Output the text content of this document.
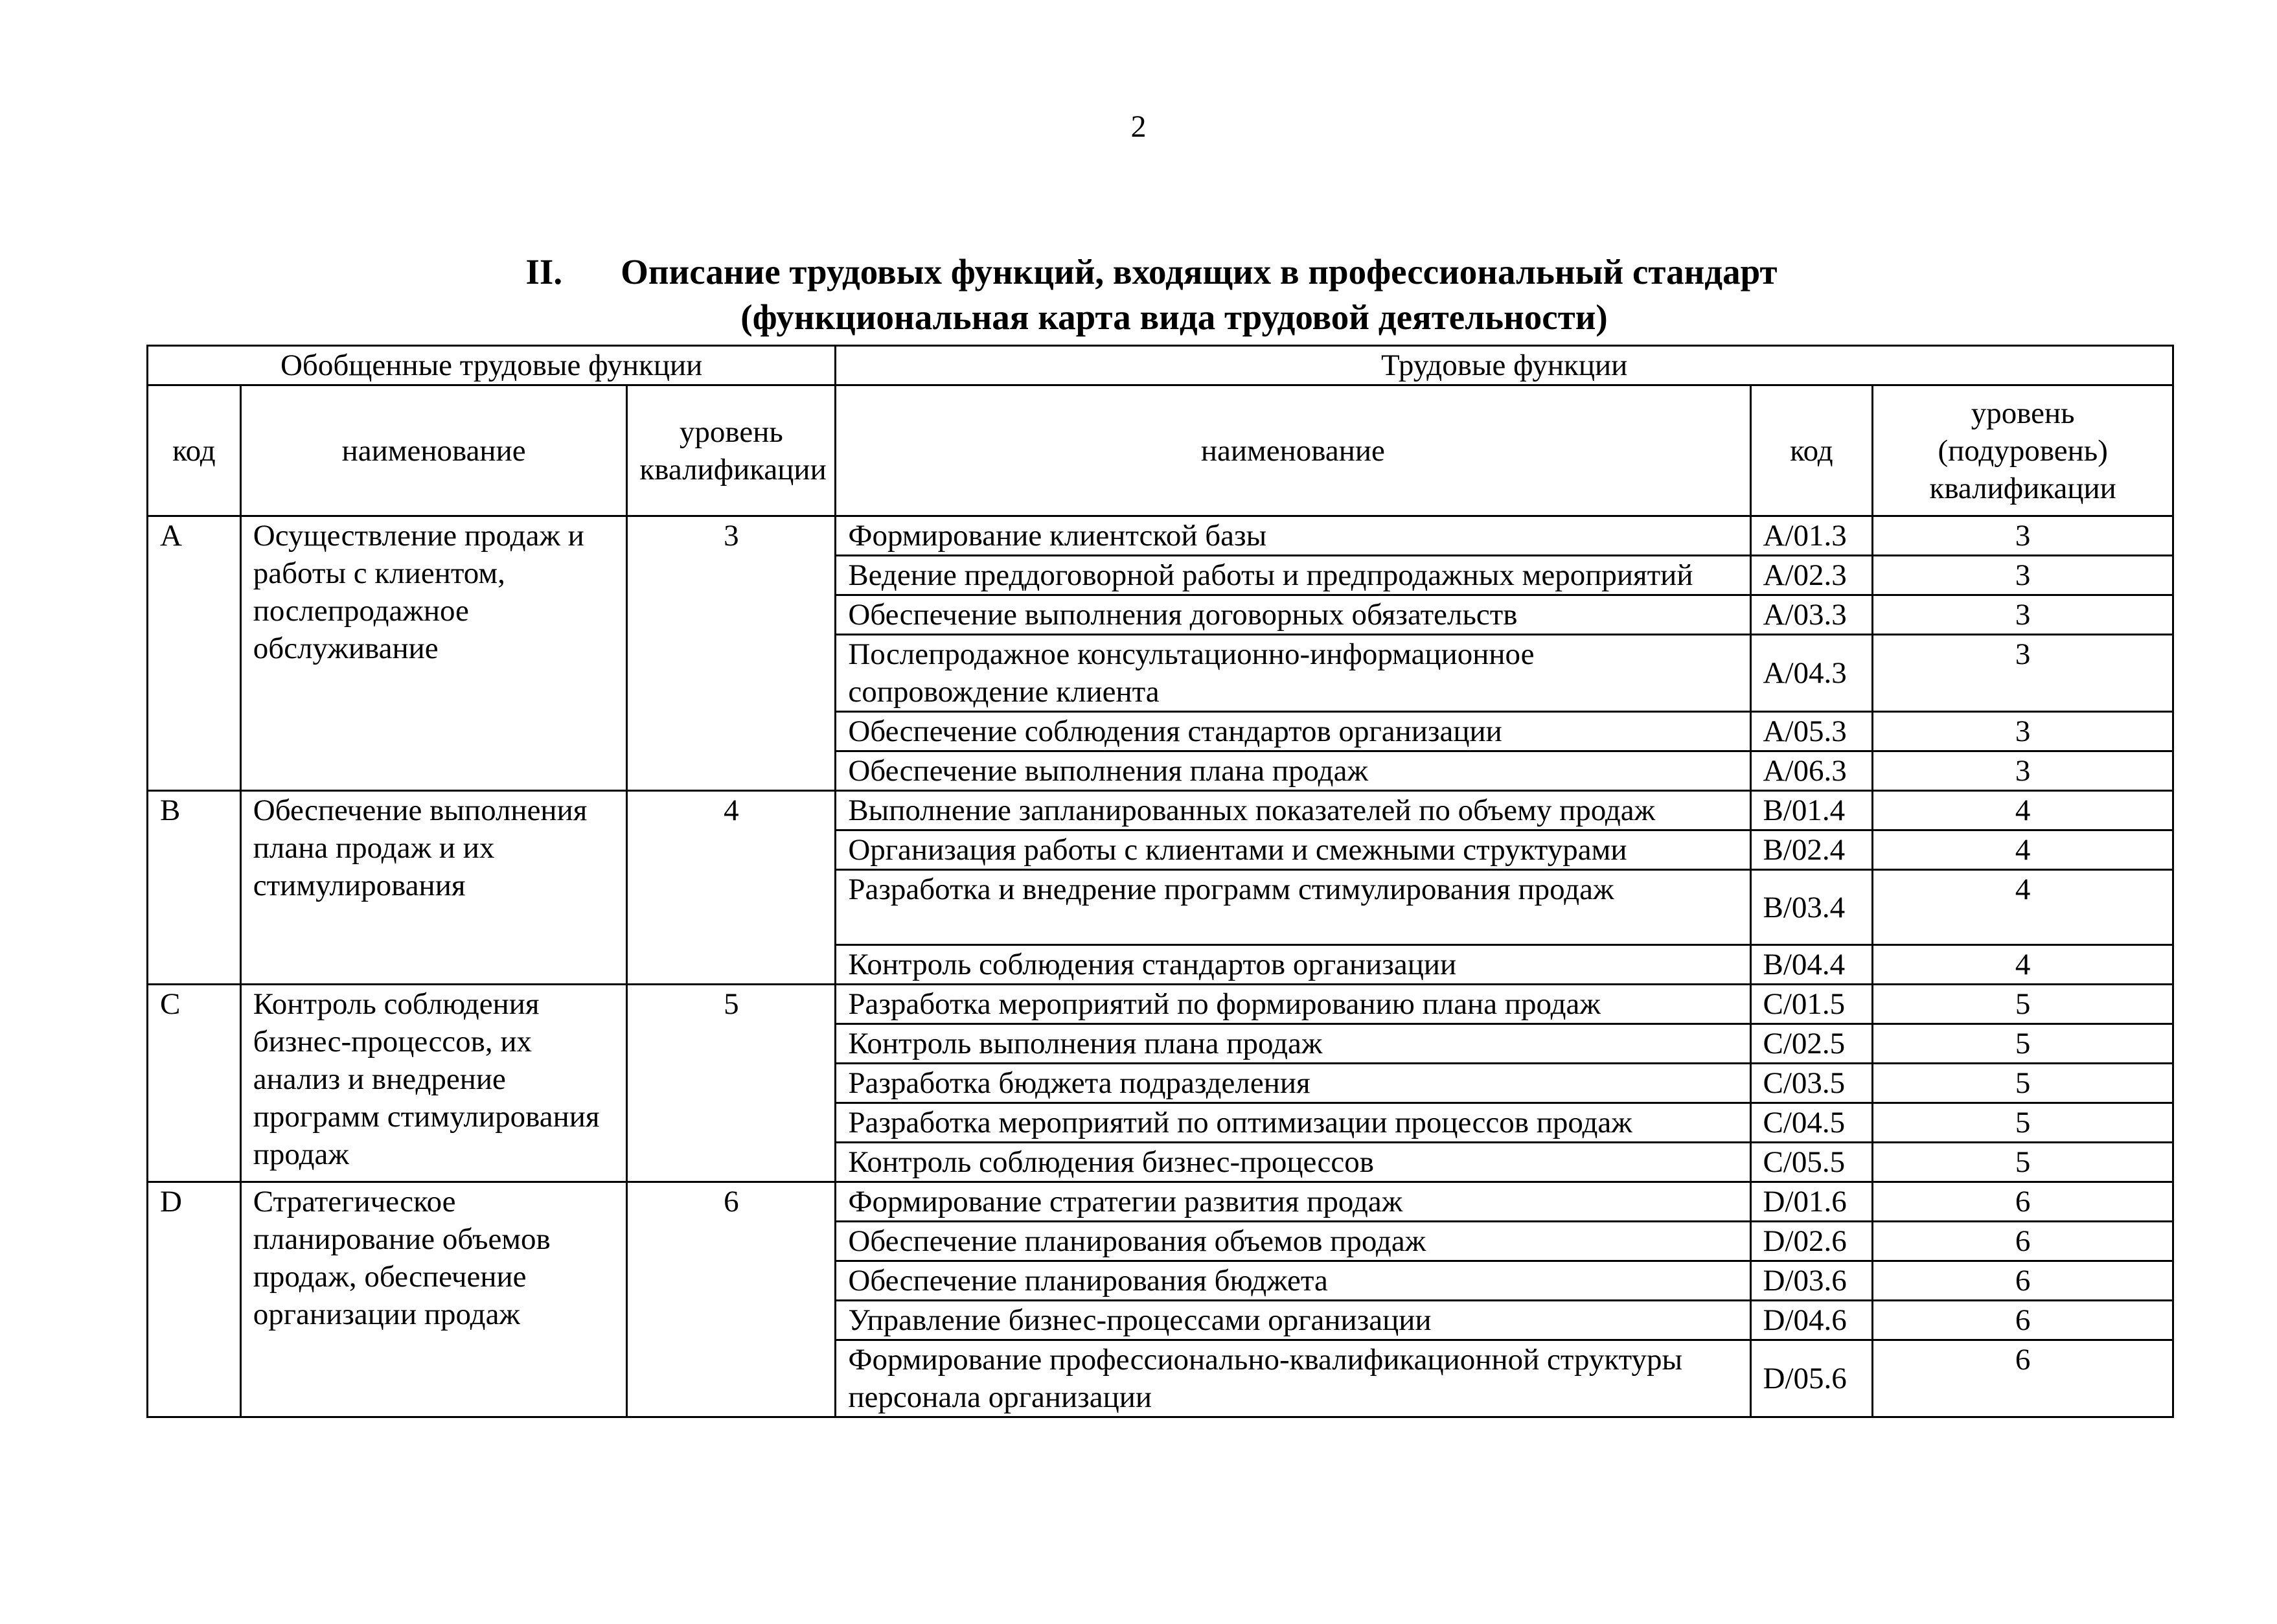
2
II. Описание трудовых функций, входящих в профессиональный стандарт
(функциональная карта вида трудовой деятельности)
Обобщенные трудовые функции			Трудовые функции		
код	наименование	уровень квалификации	наименование	код	уровень (подуровень) квалификации
A	Осуществление продаж и работы с клиентом, послепродажное обслуживание	3	Формирование клиентской базы	A/01.3	3
			Ведение преддоговорной работы и предпродажных мероприятий	A/02.3	3
			Обеспечение выполнения договорных обязательств	A/03.3	3
			Послепродажное консультационно-информационное сопровождение клиента	A/04.3	3
			Обеспечение соблюдения стандартов организации	A/05.3	3
			Обеспечение выполнения плана продаж	A/06.3	3
B	Обеспечение выполнения плана продаж и их стимулирования	4	Выполнение запланированных показателей по объему продаж	B/01.4	4
			Организация работы с клиентами и смежными структурами	B/02.4	4
			Разработка и внедрение программ стимулирования продаж	B/03.4	4
			Контроль соблюдения стандартов организации	B/04.4	4
C	Контроль соблюдения бизнес-процессов, их анализ и внедрение программ стимулирования продаж	5	Разработка мероприятий по формированию плана продаж	C/01.5	5
			Контроль выполнения плана продаж	C/02.5	5
			Разработка бюджета подразделения	C/03.5	5
			Разработка мероприятий по оптимизации процессов продаж	C/04.5	5
			Контроль соблюдения бизнес-процессов	C/05.5	5
D	Стратегическое планирование объемов продаж, обеспечение организации продаж	6	Формирование стратегии развития продаж	D/01.6	6
			Обеспечение планирования объемов продаж	D/02.6	6
			Обеспечение планирования бюджета	D/03.6	6
			Управление бизнес-процессами организации	D/04.6	6
			Формирование профессионально-квалификационной структуры персонала организации	D/05.6	6
